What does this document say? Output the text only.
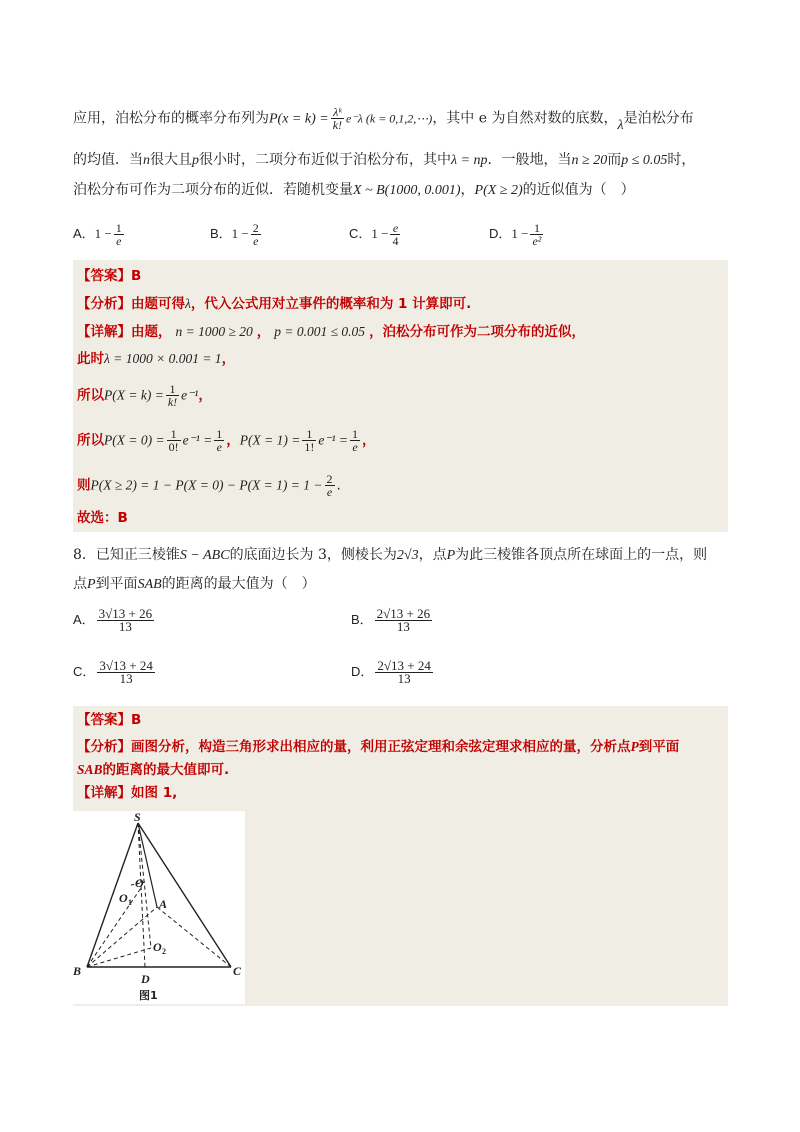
应用，泊松分布的概率分布列为$P(x = k) = \frac{\text{λᵏ}}{k!} e^-\lambda$ (k = 0,1,2,⋯)，其中 e 为自然对数的底数，λ是泊松分布
的均值．当n很大且p很小时，二项分布近似于泊松分布，其中λ = np．一般地，当n ≥ 20而p ≤ 0.05时，
泊松分布可作为二项分布的近似．若随机变量X ~ B(1000, 0.001)，P(X ≥ 2)的近似值为（　）
A．$1 - \frac{1}{e}$	B．$1 - \frac{2}{e}$	C．$1 - \frac{e}{4}$	D．$1 - \frac{1}{\text{e²}}$
【答案】B
【分析】由题可得λ，代入公式用对立事件的概率和为 1 计算即可.
【详解】由题， n = 1000 ≥ 20 ， p = 0.001 ≤ 0.05 ，泊松分布可作为二项分布的近似，
此时λ = 1000 × 0.001 = 1，
所以$P(X = k) = \frac{1}{k!} e^{-1}$，
所以$P(X = 0) = \frac{1}{0!} e^{-1} = \frac{1}{e}$ ，$P(X = 1) = \frac{1}{1!} e^{-1} = \frac{1}{e}$ ，
则$P(X \ge 2) = 1 - P(X = 0) - P(X = 1) = 1 - \frac{2}{e}$ .
故选：B
8．已知正三棱锥S − ABC的底面边长为 3，侧棱长为2√3，点P为此三棱锥各顶点所在球面上的一点，则
点P到平面SAB的距离的最大值为（　）
A． $\frac{3√13 + 26}{13}$	B． $\frac{2√13 + 26}{13}$
C． $\frac{3√13 + 24}{13}$	D． $\frac{2√13 + 24}{13}$
【答案】B
【分析】画图分析，构造三角形求出相应的量，利用正弦定理和余弦定理求相应的量，分析点P到平面
SAB的距离的最大值即可.
【详解】如图 1,
S
O
O 1 A
O 2
B
D
C
图1
